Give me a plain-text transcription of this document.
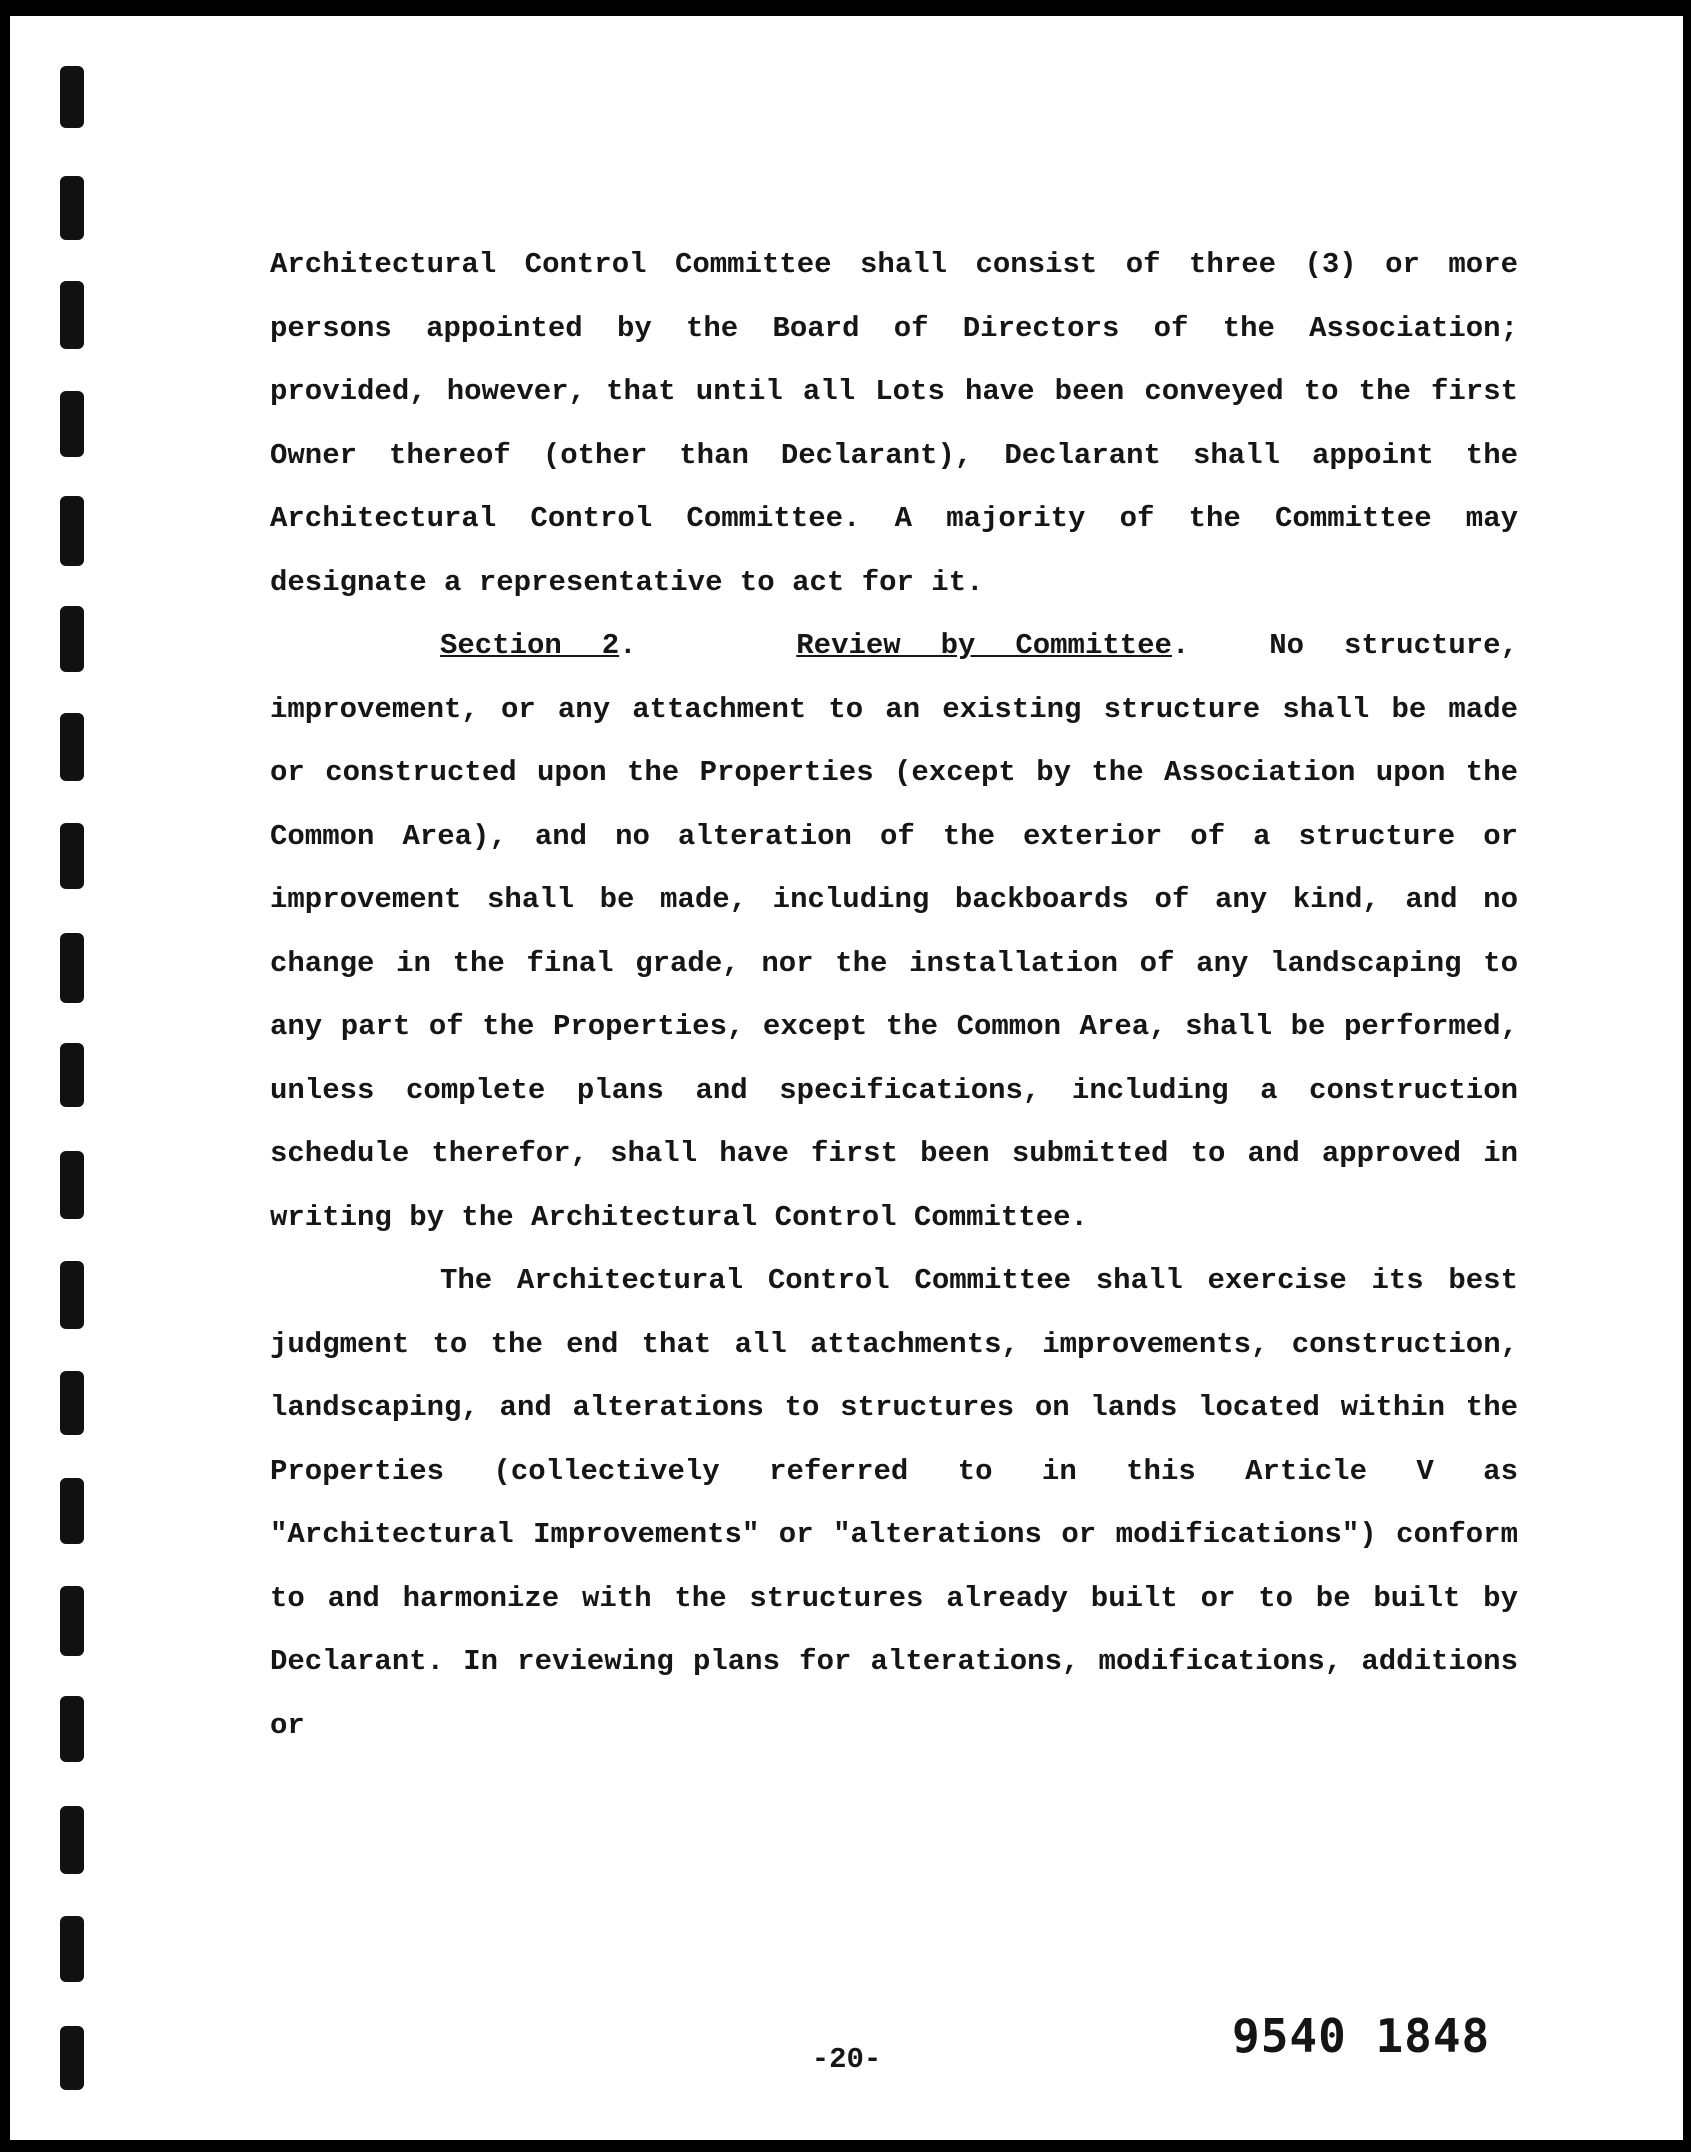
Architectural Control Committee shall consist of three (3) or more persons appointed by the Board of Directors of the Association; provided, however, that until all Lots have been conveyed to the first Owner thereof (other than Declarant), Declarant shall appoint the Architectural Control Committee. A majority of the Committee may designate a representative to act for it.

Section 2.    Review by Committee.  No structure, improvement, or any attachment to an existing structure shall be made or constructed upon the Properties (except by the Association upon the Common Area), and no alteration of the exterior of a structure or improvement shall be made, including backboards of any kind, and no change in the final grade, nor the installation of any landscaping to any part of the Properties, except the Common Area, shall be performed, unless complete plans and specifications, including a construction schedule therefor, shall have first been submitted to and approved in writing by the Architectural Control Committee.

The Architectural Control Committee shall exercise its best judgment to the end that all attachments, improvements, construction, landscaping, and alterations to structures on lands located within the Properties (collectively referred to in this Article V as "Architectural Improvements" or "alterations or modifications") conform to and harmonize with the structures already built or to be built by Declarant. In reviewing plans for alterations, modifications, additions or

9540 1848
-20-
